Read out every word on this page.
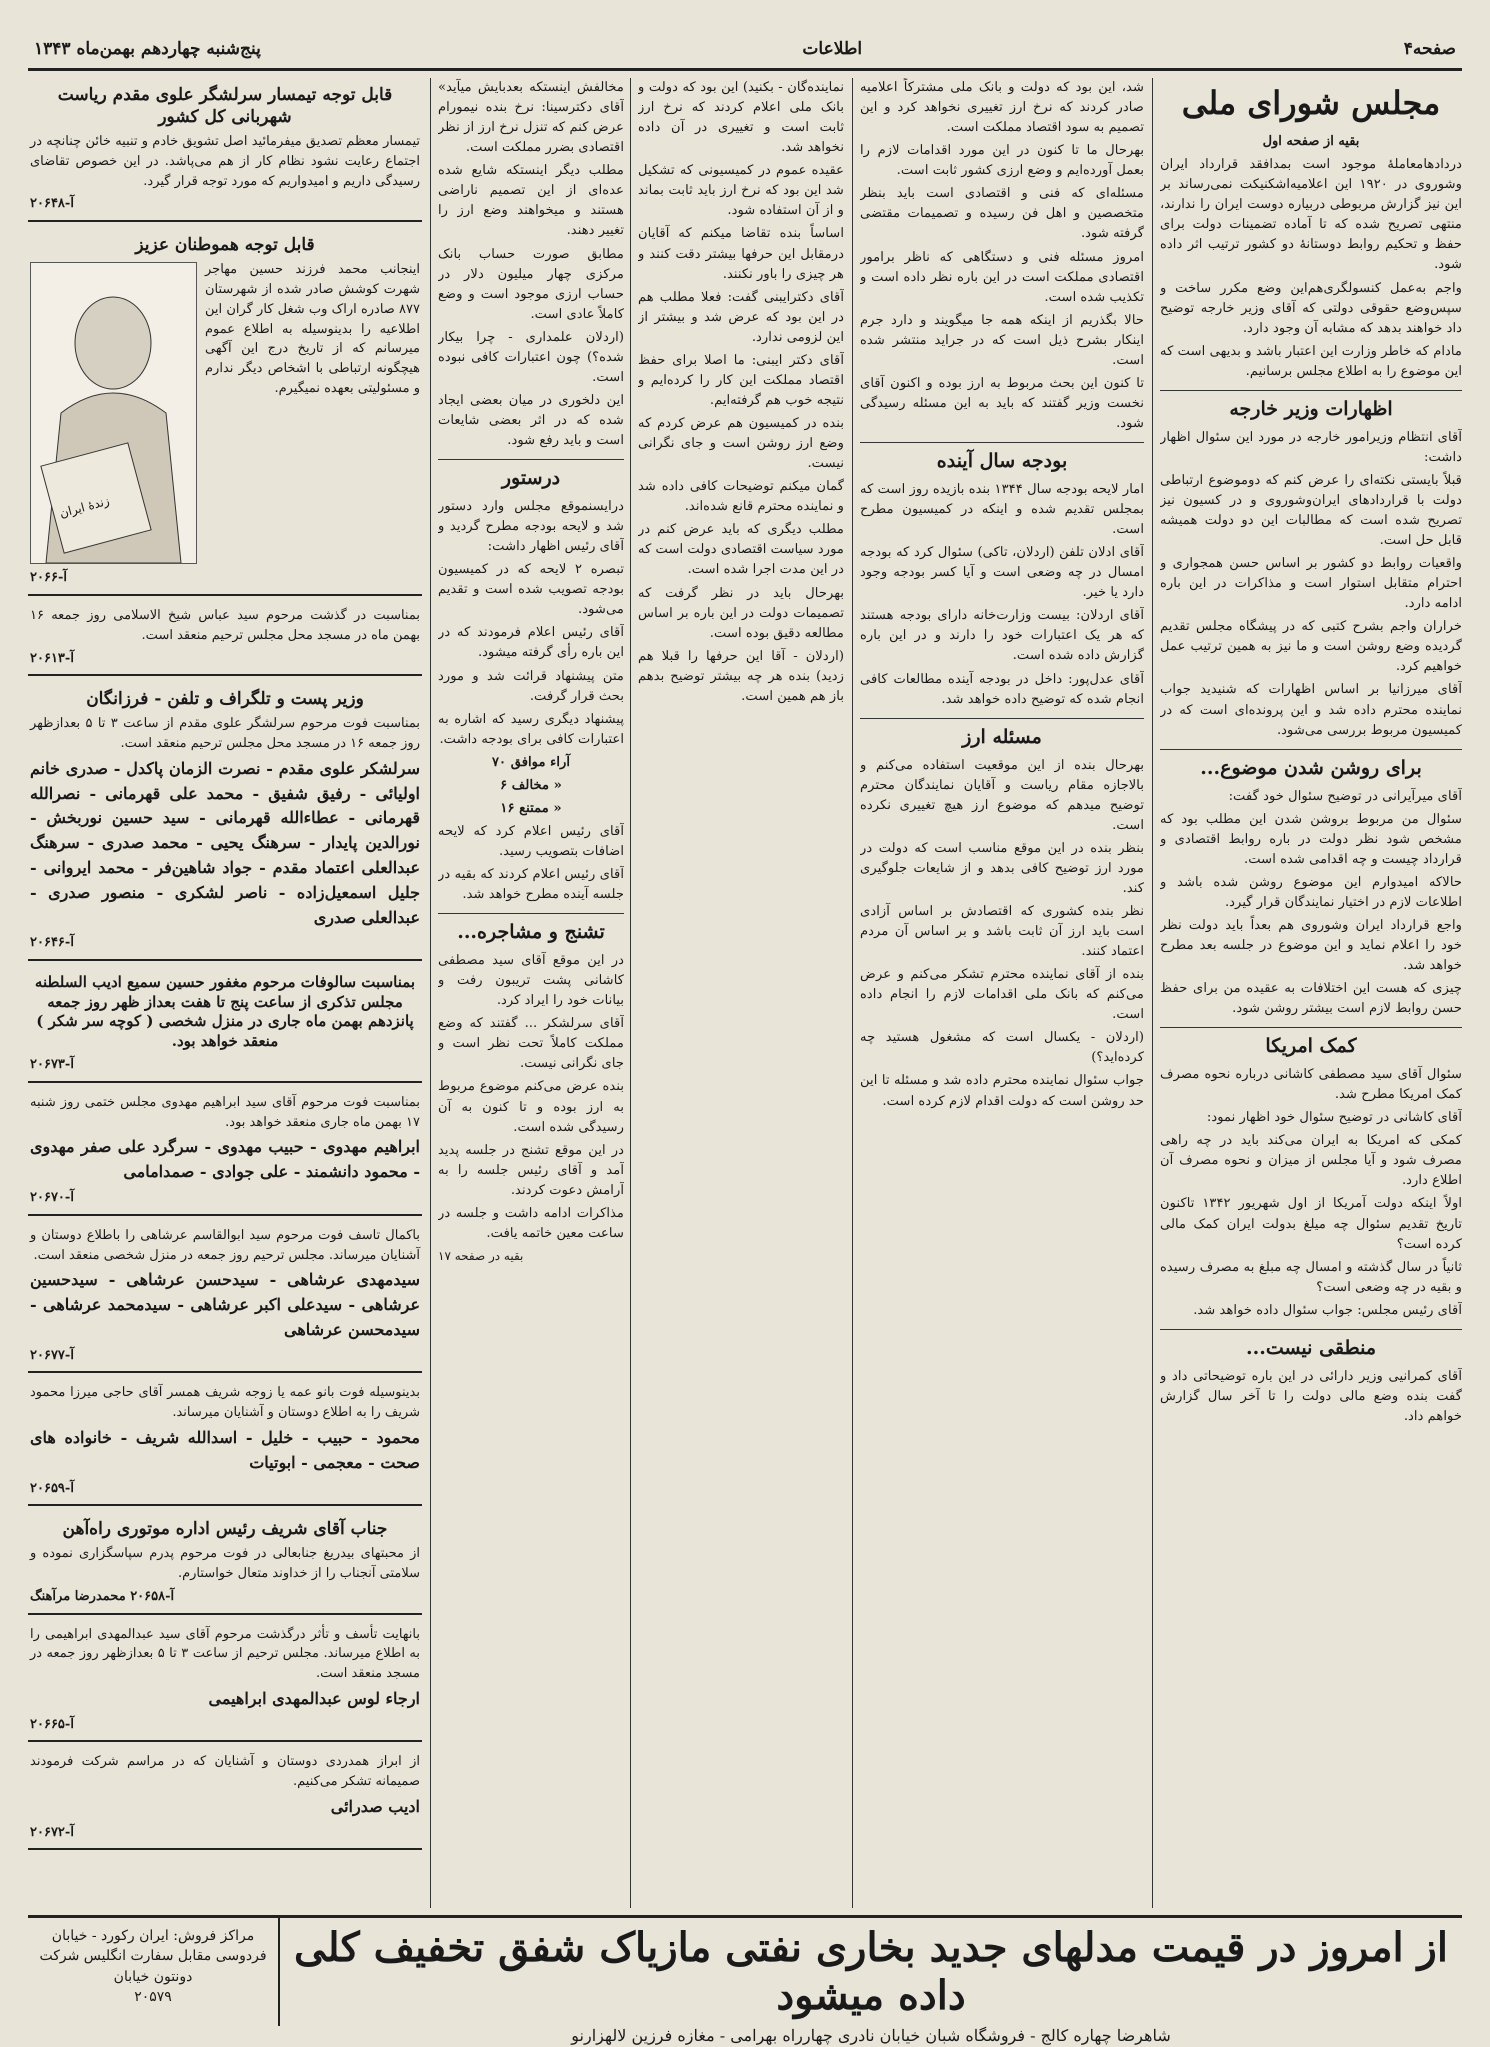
پنج‌شنبه چهاردهم بهمن‌ماه ۱۳۴۳	اطلاعات	صفحه۴
مجلس شورای ملی

بقیه از صفحه اول

درداد‌ها‌معاملهٔ موجود است بمدافقد قرارداد ایران وشوروی در ۱۹۲۰ این اعلامیه‌اشکنیکت نمی‌رساند بر این نیز گزارش مربوطی دربیاره دوست ایران را ندارند، منتهی تصریح شده که تا آماده تضمینات دولت برای حفظ و تحکیم روابط دوستانهٔ دو کشور ترتیب اثر داده شود.

واجم به‌عمل کنسولگری‌هم‌این وضع مکرر ساخت و سپس‌وضع حقوقی دولتی که آقای وزیر خارجه توضیح داد خواهند بدهد که مشابه آن وجود دارد.

مادام که خاطر وزارت این اعتبار باشد و بدیهی است که این موضوع را به اطلاع مجلس برسانیم.

اظهارات وزیر خارجه

آقای انتظام وزیرامور خارجه در مورد این سئوال اظهار داشت:

قبلاً بایستی نکته‌ای را عرض کنم که دوموضوع ارتباطی دولت با قراردادهای ایران‌وشوروی و در کسیون نیز تصریح شده است که مطالبات این دو دولت همیشه قابل حل است.

واقعیات روابط دو کشور بر اساس حسن همجواری و احترام متقابل استوار است و مذاکرات در این باره ادامه دارد.

خراران واجم بشرح کتبی که در پیشگاه مجلس تقدیم گردیده وضع روشن است و ما نیز به همین ترتیب عمل خواهیم کرد.

آقای میرزانیا بر اساس اظهارات که شنیدید جواب نماینده محترم داده شد و این پرونده‌ای است که در کمیسیون مربوط بررسی می‌شود.

برای روشن شدن موضوع...

آقای میرآیرانی در توضیح سئوال خود گفت:

سئوال من مربوط بروشن شدن این مطلب بود که مشخص شود نظر دولت در باره روابط اقتصادی و قرارداد چیست و چه اقدامی شده است.

حالاکه امیدوارم این موضوع روشن شده باشد و اطلاعات لازم در اختیار نمایندگان قرار گیرد.

واجع قرارداد ایران وشوروی هم بعداً باید دولت نظر خود را اعلام نماید و این موضوع در جلسه بعد مطرح خواهد شد.

چیزی که هست این اختلافات به عقیده من برای حفظ حسن روابط لازم است بیشتر روشن شود.

کمک امریکا

سئوال آقای سید مصطفی کاشانی درباره نحوه مصرف کمک امریکا مطرح شد.

آقای کاشانی در توضیح سئوال خود اظهار نمود:

کمکی که امریکا به ایران می‌کند باید در چه راهی مصرف شود و آیا مجلس از میزان و نحوه مصرف آن اطلاع دارد.

اولاً اینکه دولت آمریکا از اول شهریور ۱۳۴۲ تاکنون تاریخ تقدیم سئوال چه میلغ بدولت ایران کمک مالی کرده است؟

ثانیاً در سال گذشته و امسال چه مبلغ به مصرف رسیده و بقیه در چه وضعی است؟

آقای رئیس مجلس: جواب سئوال داده خواهد شد.

منطقی نیست...

آقای کمرانیی وزیر دارائی در این باره توضیحاتی داد و گفت بنده وضع مالی دولت را تا آخر سال گزارش خواهم داد.

شد، این بود که دولت و بانک ملی مشترکاً اعلامیه صادر کردند که نرخ ارز تغییری نخواهد کرد و این تصمیم به سود اقتصاد مملکت است.

بهرحال ما تا کنون در این مورد اقدامات لازم را بعمل آورده‌ایم و وضع ارزی کشور ثابت است.

مسئله‌ای که فنی و اقتصادی است باید بنظر متخصصین و اهل فن رسیده و تصمیمات مقتضی گرفته شود.

امروز مسئله فنی و دستگاهی که ناظر برامور اقتصادی مملکت است در این باره نظر داده است و تکذیب شده است.

حالا بگذریم از اینکه همه جا میگویند و دارد جرم اینکار بشرح ذیل است که در جراید منتشر شده است.

تا کنون این بحث مربوط به ارز بوده و اکنون آقای نخست وزیر گفتند که باید به این مسئله رسیدگی شود.

بودجه سال آینده

امار لایحه بودجه سال ۱۳۴۴ بنده بازیده روز است که بمجلس تقدیم شده و اینکه در کمیسیون مطرح است.

آقای ادلان تلفن (اردلان، تاکی) سئوال کرد که بودجه امسال در چه وضعی است و آیا کسر بودجه وجود دارد یا خیر.

آقای اردلان: بیست وزارت‌خانه دارای بودجه هستند که هر یک اعتبارات خود را دارند و در این باره گزارش داده شده است.

آقای عدل‌پور: داخل در بودجه آینده مطالعات کافی انجام شده که توضیح داده خواهد شد.

مسئله ارز

بهرحال بنده از این موقعیت استفاده می‌کنم و بالاجازه مقام ریاست و آقایان نمایندگان محترم توضیح میدهم که موضوع ارز هیچ تغییری نکرده است.

بنظر بنده در این موقع مناسب است که دولت در مورد ارز توضیح کافی بدهد و از شایعات جلوگیری کند.

نظر بنده کشوری که اقتصادش بر اساس آزادی است باید ارز آن ثابت باشد و بر اساس آن مردم اعتماد کنند.

بنده از آقای نماینده محترم تشکر می‌کنم و عرض می‌کنم که بانک ملی اقدامات لازم را انجام داده است.

(اردلان - یکسال است که مشغول هستید چه کرده‌اید؟)

جواب سئوال نماینده محترم داده شد و مسئله تا این حد روشن است که دولت اقدام لازم کرده است.

نماینده‌گان - بکنید) این بود که دولت و بانک ملی اعلام کردند که نرخ ارز ثابت است و تغییری در آن داده نخواهد شد.

عقیده عموم در کمیسیونی که تشکیل شد این بود که نرخ ارز باید ثابت بماند و از آن استفاده شود.

اساساً بنده تقاضا میکنم که آقایان درمقابل این حرفها بیشتر دقت کنند و هر چیزی را باور نکنند.

آقای دکترایبنی گفت: فعلا مطلب هم در این بود که عرض شد و بیشتر از این لزومی ندارد.

آقای دکتر ایبنی: ما اصلا برای حفظ اقتصاد مملکت این کار را کرده‌ایم و نتیجه خوب هم گرفته‌ایم.

بنده در کمیسیون هم عرض کردم که وضع ارز روشن است و جای نگرانی نیست.

گمان میکنم توضیحات کافی داده شد و نماینده محترم قانع شده‌اند.

مطلب دیگری که باید عرض کنم در مورد سیاست اقتصادی دولت است که در این مدت اجرا شده است.

بهرحال باید در نظر گرفت که تصمیمات دولت در این باره بر اساس مطالعه دقیق بوده است.

(اردلان - آقا این حرفها را قبلا هم زدید) بنده هر چه بیشتر توضیح بدهم باز هم همین است.

مخالفش اینستکه بعدبایش میآید» آقای دکترسینا: نرخ بنده نیمورام عرض کنم که تنزل نرخ ارز از نظر اقتصادی بضرر مملکت است.

مطلب دیگر اینستکه شایع شده عده‌ای از این تصمیم ناراضی هستند و میخواهند وضع ارز را تغییر دهند.

مطابق صورت حساب بانک مرکزی چهار میلیون دلار در حساب ارزی موجود است و وضع کاملاً عادی است.

(اردلان علمداری - چرا بیکار شده؟) چون اعتبارات کافی نبوده است.

این دلخوری در میان بعضی ایجاد شده که در اثر بعضی شایعات است و باید رفع شود.

درستور

درایسنموقع مجلس وارد دستور شد و لایحه بودجه مطرح گردید و آقای رئیس اظهار داشت:

تبصره ۲ لایحه که در کمیسیون بودجه تصویب شده است و تقدیم می‌شود.

آقای رئیس اعلام فرمودند که در این باره رأی گرفته میشود.

متن پیشنهاد قرائت شد و مورد بحث قرار گرفت.

پیشنهاد دیگری رسید که اشاره به اعتبارات کافی برای بودجه داشت.

آراء موافق ۷۰

« مخالف ۶

« ممتنع ۱۶

آقای رئیس اعلام کرد که لایحه اضافات بتصویب رسید.

آقای رئیس اعلام کردند که بقیه در جلسه آینده مطرح خواهد شد.

تشنج و مشاجره...

در این موقع آقای سید مصطفی کاشانی پشت تریبون رفت و بیانات خود را ایراد کرد.

آقای سرلشکر ... گفتند که وضع مملکت کاملاً تحت نظر است و جای نگرانی نیست.

بنده عرض می‌کنم موضوع مربوط به ارز بوده و تا کنون به آن رسیدگی شده است.

در این موقع تشنج در جلسه پدید آمد و آقای رئیس جلسه را به آرامش دعوت کردند.

مذاکرات ادامه داشت و جلسه در ساعت معین خاتمه یافت.

بقیه در صفحه ۱۷

قابل توجه تیمسار سرلشگر علوی مقدم ریاست شهربانی کل کشور

تیمسار معظم تصدیق میفرمائید اصل تشویق خادم و تنبیه خائن چنانچه در اجتماع رعایت نشود نظام کار از هم می‌پاشد. در این خصوص تقاضای رسیدگی داریم و امیدواریم که مورد توجه قرار گیرد.

آ-۲۰۶۴۸
قابل توجه هموطنان عزیز
زندهٔ ایران

اینجانب محمد فرزند حسین مهاجر شهرت کوشش صادر شده از شهرستان ۸۷۷ صادره اراک وب شغل کار گران این اطلاعیه را بدینوسیله به اطلاع عموم میرسانم که از تاریخ درج این آگهی هیچگونه ارتباطی با اشخاص دیگر ندارم و مسئولیتی بعهده نمیگیرم.

آ-۲۰۶۶

بمناسبت در گذشت مرحوم سید عباس شیخ الاسلامی روز جمعه ۱۶ بهمن ماه در مسجد محل مجلس ترحیم منعقد است.

آ-۲۰۶۱۳
وزیر پست و تلگراف و تلفن - فرزانگان

بمناسبت فوت مرحوم سرلشگر علوی مقدم از ساعت ۳ تا ۵ بعدازظهر روز جمعه ۱۶ در مسجد محل مجلس ترحیم منعقد است.

سرلشکر علوی مقدم - نصرت الزمان پاکدل - صدری خانم اولیائی - رفیق شفیق - محمد علی قهرمانی - نصرالله قهرمانی - عطاءالله قهرمانی - سید حسین نوربخش - نورالدین پایدار - سرهنگ یحیی - محمد صدری - سرهنگ عبدالعلی اعتماد مقدم - جواد شاهین‌فر - محمد ایروانی - جلیل اسمعیل‌زاده - ناصر لشکری - منصور صدری - عبدالعلی صدری

آ-۲۰۶۴۶
بمناسبت سالوفات مرحوم مغفور حسین سمیع ادیب السلطنه مجلس تذکری از ساعت پنج تا هفت بعداز ظهر روز جمعه پانزدهم بهمن ماه جاری در منزل شخصی ( کوچه سر شکر ) منعقد خواهد بود.
آ-۲۰۶۷۳

بمناسبت فوت مرحوم آقای سید ابراهیم مهدوی مجلس ختمی روز شنبه ۱۷ بهمن ماه جاری منعقد خواهد بود.

ابراهیم مهدوی - حبیب مهدوی - سرگرد علی صفر مهدوی - محمود دانشمند - علی جوادی - صمدامامی

آ-۲۰۶۷۰

باکمال تاسف فوت مرحوم سید ابوالقاسم عرشاهی را باطلاع دوستان و آشنایان میرساند. مجلس ترحیم روز جمعه در منزل شخصی منعقد است.

سیدمهدی عرشاهی - سیدحسن عرشاهی - سیدحسین عرشاهی - سیدعلی اکبر عرشاهی - سیدمحمد عرشاهی - سیدمحسن عرشاهی

آ-۲۰۶۷۷

بدینوسیله فوت بانو عمه یا زوجه شریف همسر آقای حاجی میرزا محمود شریف را به اطلاع دوستان و آشنایان میرساند.

محمود - حبیب - خلیل - اسدالله شریف - خانواده های صحت - معجمی - ابوتیات

آ-۲۰۶۵۹
جناب آقای شریف رئیس اداره موتوری راه‌آهن

از محبتهای بیدریغ جنابعالی در فوت مرحوم پدرم سپاسگزاری نموده و سلامتی آنجناب را از خداوند متعال خواستارم.

آ-۲۰۶۵۸ محمدرضا مرآهنگ

بانهایت تأسف و تأثر درگذشت مرحوم آقای سید عبدالمهدی ابراهیمی را به اطلاع میرساند. مجلس ترحیم از ساعت ۳ تا ۵ بعدازظهر روز جمعه در مسجد منعقد است.

ارجاء لوس عبدالمهدی ابراهیمی

آ-۲۰۶۶۵

از ابراز همدردی دوستان و آشنایان که در مراسم شرکت فرمودند صمیمانه تشکر می‌کنیم.

ادیب صدرائی

آ-۲۰۶۷۲
از امروز در قیمت مدلهای جدید بخاری نفتی مازیاک شفق تخفیف کلی داده میشود
شاهرضا چهاره کالج - فروشگاه شبان خیابان نادری چهارراه بهرامی - مغازه فرزین لالهزارنو
مراکز فروش: ایران رکورد - خیابان فردوسی مقابل سفارت انگلیس شرکت دونتون خیابان
۲۰۵۷۹
